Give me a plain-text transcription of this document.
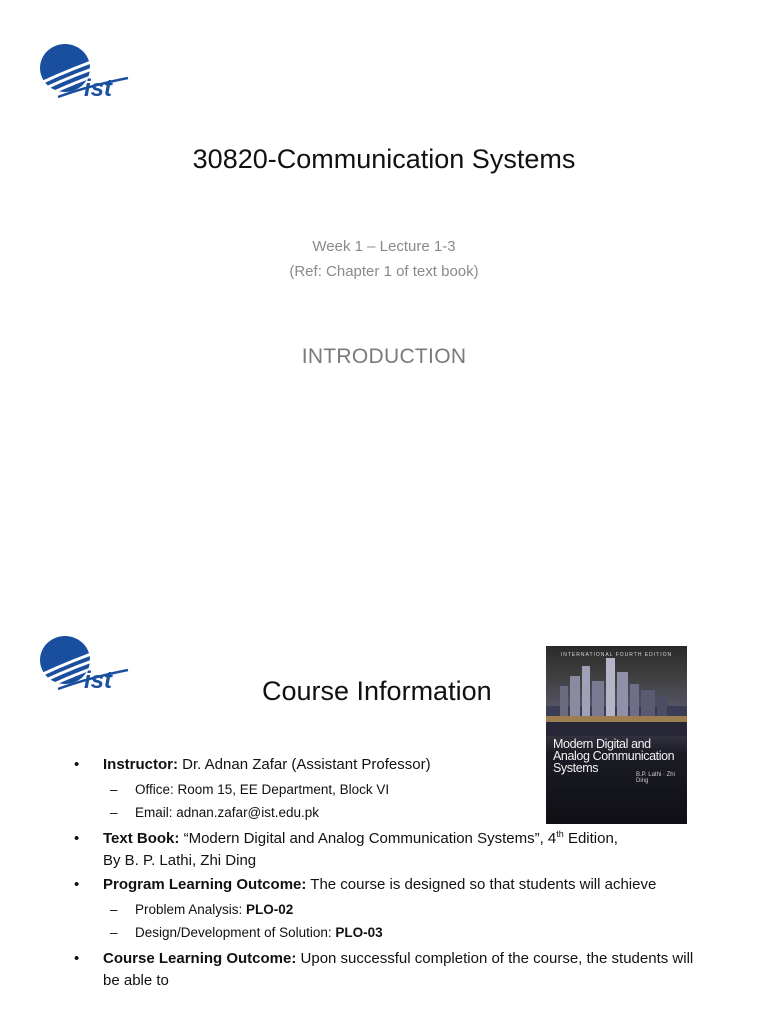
ist
30820-Communication Systems
Week 1 – Lecture 1-3
(Ref: Chapter 1 of text book)
INTRODUCTION
ist	Course Information
INTERNATIONAL FOURTH EDITION
Modern Digital and Analog Communication Systems	B.P. Lathi · Zhi Ding
• Instructor: Dr. Adnan Zafar (Assistant Professor)
– Office: Room 15, EE Department, Block VI
– Email: adnan.zafar@ist.edu.pk
• Text Book: “Modern Digital and Analog Communication Systems”, 4th Edition,
By B. P. Lathi, Zhi Ding
• Program Learning Outcome: The course is designed so that students will achieve
– Problem Analysis: PLO-02
– Design/Development of Solution: PLO-03
• Course Learning Outcome: Upon successful completion of the course, the students will be able to
